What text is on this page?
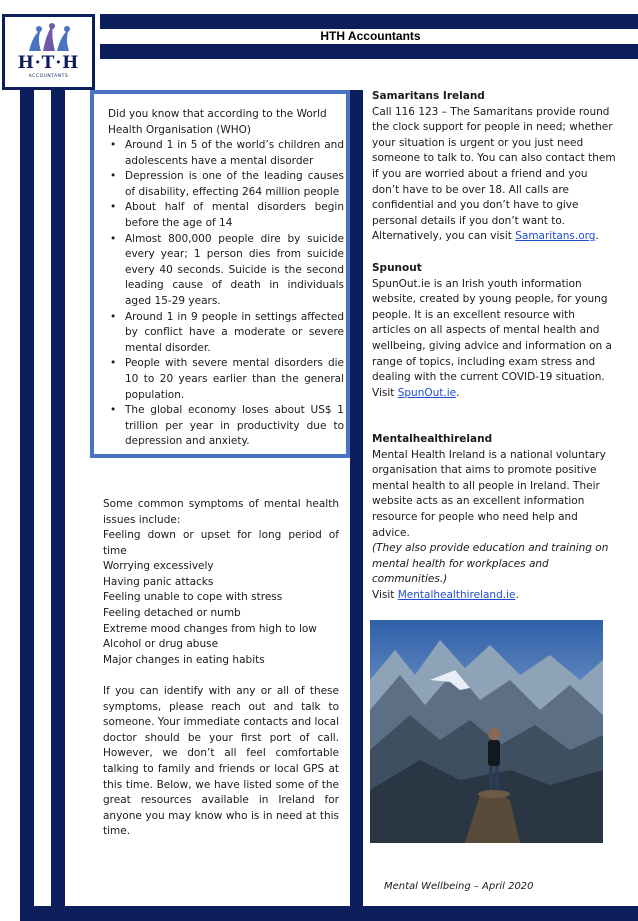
H·T·H
ACCOUNTANTS
HTH Accountants
Did you know that according to the World Health Organisation (WHO)
• Around 1 in 5 of the world’s children and adolescents have a mental disorder
• Depression is one of the leading causes of disability, effecting 264 million people
• About half of mental disorders begin before the age of 14
• Almost 800,000 people dire by suicide every year; 1 person dies from suicide every 40 seconds. Suicide is the second leading cause of death in individuals aged 15-29 years.
• Around 1 in 9 people in settings affected by conflict have a moderate or severe mental disorder.
• People with severe mental disorders die 10 to 20 years earlier than the general population.
• The global economy loses about US$ 1 trillion per year in productivity due to depression and anxiety.
Some common symptoms of mental health issues include:
Feeling down or upset for long period of time
Worrying excessively
Having panic attacks
Feeling unable to cope with stress
Feeling detached or numb
Extreme mood changes from high to low
Alcohol or drug abuse
Major changes in eating habits
If you can identify with any or all of these symptoms, please reach out and talk to someone. Your immediate contacts and local doctor should be your first port of call. However, we don’t all feel comfortable talking to family and friends or local GPS at this time. Below, we have listed some of the great resources available in Ireland for anyone you may know who is in need at this time.
Samaritans Ireland
Call 116 123 – The Samaritans provide round the clock support for people in need; whether your situation is urgent or you just need someone to talk to. You can also contact them if you are worried about a friend and you don’t have to be over 18. All calls are confidential and you don’t have to give personal details if you don’t want to. Alternatively, you can visit Samaritans.org.
Spunout
SpunOut.ie is an Irish youth information website, created by young people, for young people. It is an excellent resource with articles on all aspects of mental health and wellbeing, giving advice and information on a range of topics, including exam stress and dealing with the current COVID-19 situation. Visit SpunOut.ie.
Mentalhealthireland
Mental Health Ireland is a national voluntary organisation that aims to promote positive mental health to all people in Ireland. Their website acts as an excellent information resource for people who need help and advice.
(They also provide education and training on mental health for workplaces and communities.)
Visit Mentalhealthireland.ie.
Mental Wellbeing – April 2020
